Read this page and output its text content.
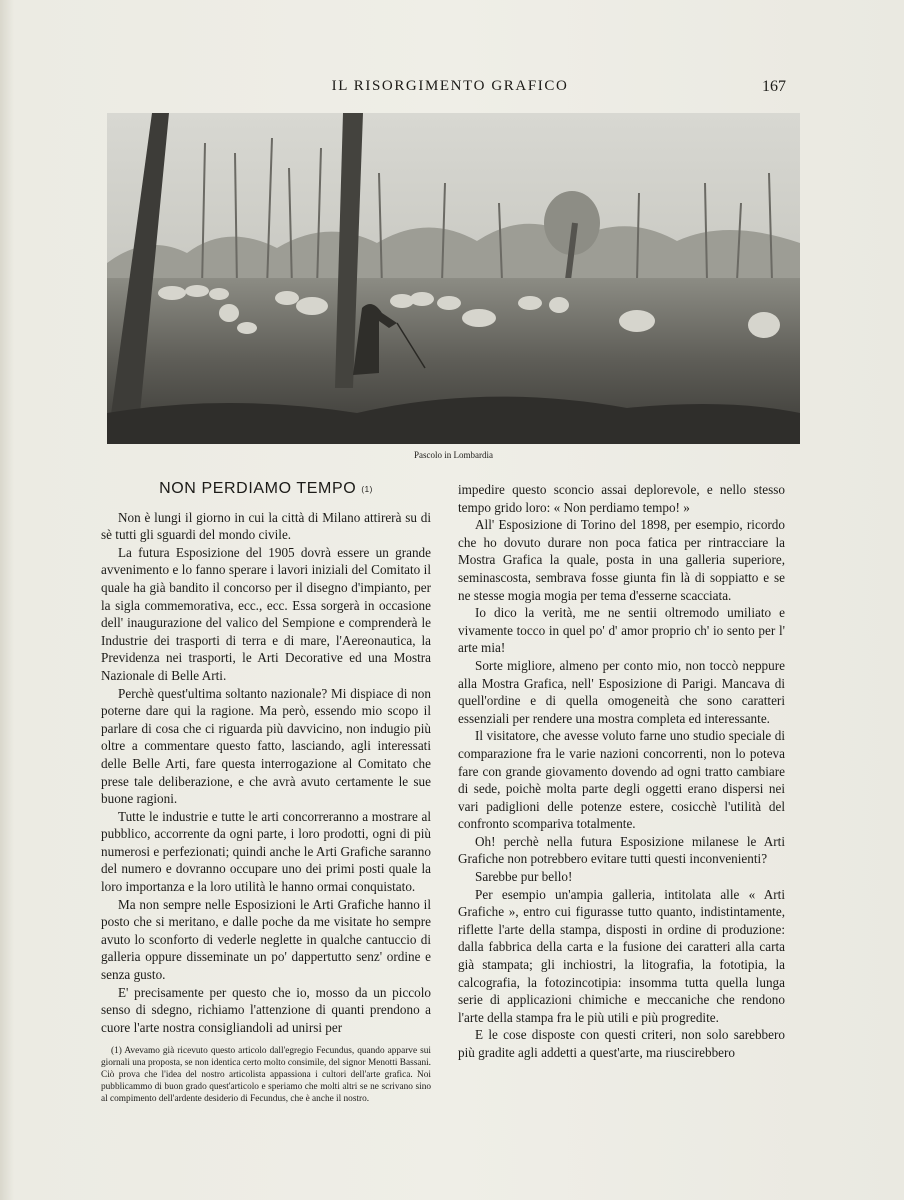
IL RISORGIMENTO GRAFICO	167
Pascolo in Lombardia
NON PERDIAMO TEMPO $^{(1)}$

Non è lungi il giorno in cui la città di Milano attirerà su di sè tutti gli sguardi del mondo civile.

La futura Esposizione del 1905 dovrà essere un grande avvenimento e lo fanno sperare i lavori iniziali del Comitato il quale ha già bandito il concorso per il disegno d'impianto, per la sigla commemorativa, ecc., ecc. Essa sorgerà in occasione dell' inaugurazione del valico del Sempione e comprenderà le Industrie dei trasporti di terra e di mare, l'Aereonautica, la Previdenza nei trasporti, le Arti Decorative ed una Mostra Nazionale di Belle Arti.

Perchè quest'ultima soltanto nazionale? Mi dispiace di non poterne dare qui la ragione. Ma però, essendo mio scopo il parlare di cosa che ci riguarda più davvicino, non indugio più oltre a commentare questo fatto, lasciando, agli interessati delle Belle Arti, fare questa interrogazione al Comitato che prese tale deliberazione, e che avrà avuto certamente le sue buone ragioni.

Tutte le industrie e tutte le arti concorreranno a mostrare al pubblico, accorrente da ogni parte, i loro prodotti, ogni di più numerosi e perfezionati; quindi anche le Arti Grafiche saranno del numero e dovranno occupare uno dei primi posti quale la loro importanza e la loro utilità le hanno ormai conquistato.

Ma non sempre nelle Esposizioni le Arti Grafiche hanno il posto che si meritano, e dalle poche da me visitate ho sempre avuto lo sconforto di vederle neglette in qualche cantuccio di galleria oppure disseminate un po' dappertutto senz' ordine e senza gusto.

E' precisamente per questo che io, mosso da un piccolo senso di sdegno, richiamo l'attenzione di quanti prendono a cuore l'arte nostra consigliandoli ad unirsi per

(1) Avevamo già ricevuto questo articolo dall'egregio Fecundus, quando apparve sui giornali una proposta, se non identica certo molto consimile, del signor Menotti Bassani. Ciò prova che l'idea del nostro articolista appassiona i cultori dell'arte grafica. Noi pubblicammo di buon grado quest'articolo e speriamo che molti altri se ne scrivano sino al compimento dell'ardente desiderio di Fecundus, che è anche il nostro.

impedire questo sconcio assai deplorevole, e nello stesso tempo grido loro: « Non perdiamo tempo! »

All' Esposizione di Torino del 1898, per esempio, ricordo che ho dovuto durare non poca fatica per rintracciare la Mostra Grafica la quale, posta in una galleria superiore, seminascosta, sembrava fosse giunta fin là di soppiatto e se ne stesse mogia mogia per tema d'esserne scacciata.

Io dico la verità, me ne sentii oltremodo umiliato e vivamente tocco in quel po' d' amor proprio ch' io sento per l' arte mia!

Sorte migliore, almeno per conto mio, non toccò neppure alla Mostra Grafica, nell' Esposizione di Parigi. Mancava di quell'ordine e di quella omogeneità che sono caratteri essenziali per rendere una mostra completa ed interessante.

Il visitatore, che avesse voluto farne uno studio speciale di comparazione fra le varie nazioni concorrenti, non lo poteva fare con grande giovamento dovendo ad ogni tratto cambiare di sede, poichè molta parte degli oggetti erano dispersi nei vari padiglioni delle potenze estere, cosicchè l'utilità del confronto scompariva totalmente.

Oh! perchè nella futura Esposizione milanese le Arti Grafiche non potrebbero evitare tutti questi inconvenienti?

Sarebbe pur bello!

Per esempio un'ampia galleria, intitolata alle « Arti Grafiche », entro cui figurasse tutto quanto, indistintamente, riflette l'arte della stampa, disposti in ordine di produzione: dalla fabbrica della carta e la fusione dei caratteri alla carta già stampata; gli inchiostri, la litografia, la fototipia, la calcografia, la fotozincotipia: insomma tutta quella lunga serie di applicazioni chimiche e meccaniche che rendono l'arte della stampa fra le più utili e più progredite.

E le cose disposte con questi criteri, non solo sarebbero più gradite agli addetti a quest'arte, ma riuscirebbero
